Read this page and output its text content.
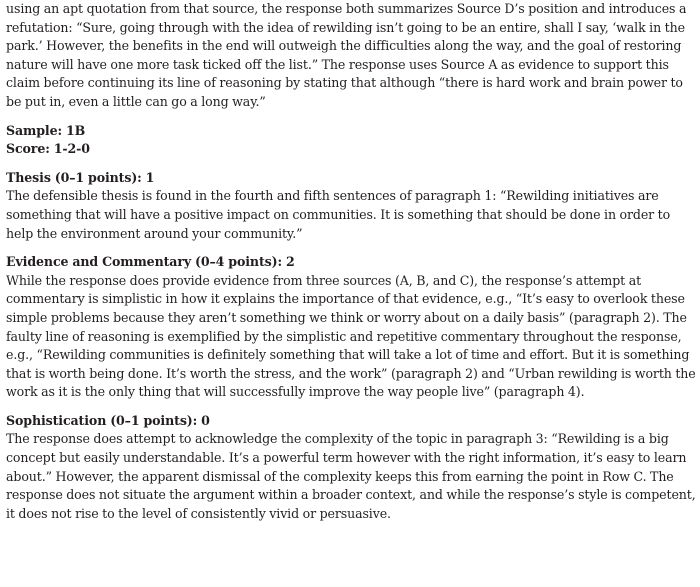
using an apt quotation from that source, the response both summarizes Source D’s position and introduces a refutation: “Sure, going through with the idea of rewilding isn’t going to be an entire, shall I say, ‘walk in the park.’ However, the benefits in the end will outweigh the difficulties along the way, and the goal of restoring nature will have one more task ticked off the list.” The response uses Source A as evidence to support this claim before continuing its line of reasoning by stating that although “there is hard work and brain power to be put in, even a little can go a long way.”

Sample: 1B

Score: 1-2-0

Thesis (0–1 points): 1

The defensible thesis is found in the fourth and fifth sentences of paragraph 1: “Rewilding initiatives are something that will have a positive impact on communities. It is something that should be done in order to help the environment around your community.”

Evidence and Commentary (0–4 points): 2

While the response does provide evidence from three sources (A, B, and C), the response’s attempt at commentary is simplistic in how it explains the importance of that evidence, e.g., “It’s easy to overlook these simple problems because they aren’t something we think or worry about on a daily basis” (paragraph 2). The faulty line of reasoning is exemplified by the simplistic and repetitive commentary throughout the response, e.g., “Rewilding communities is definitely something that will take a lot of time and effort. But it is something that is worth being done. It’s worth the stress, and the work” (paragraph 2) and “Urban rewilding is worth the work as it is the only thing that will successfully improve the way people live” (paragraph 4).

Sophistication (0–1 points): 0

The response does attempt to acknowledge the complexity of the topic in paragraph 3: “Rewilding is a big concept but easily understandable. It’s a powerful term however with the right information, it’s easy to learn about.” However, the apparent dismissal of the complexity keeps this from earning the point in Row C. The response does not situate the argument within a broader context, and while the response’s style is competent, it does not rise to the level of consistently vivid or persuasive.
